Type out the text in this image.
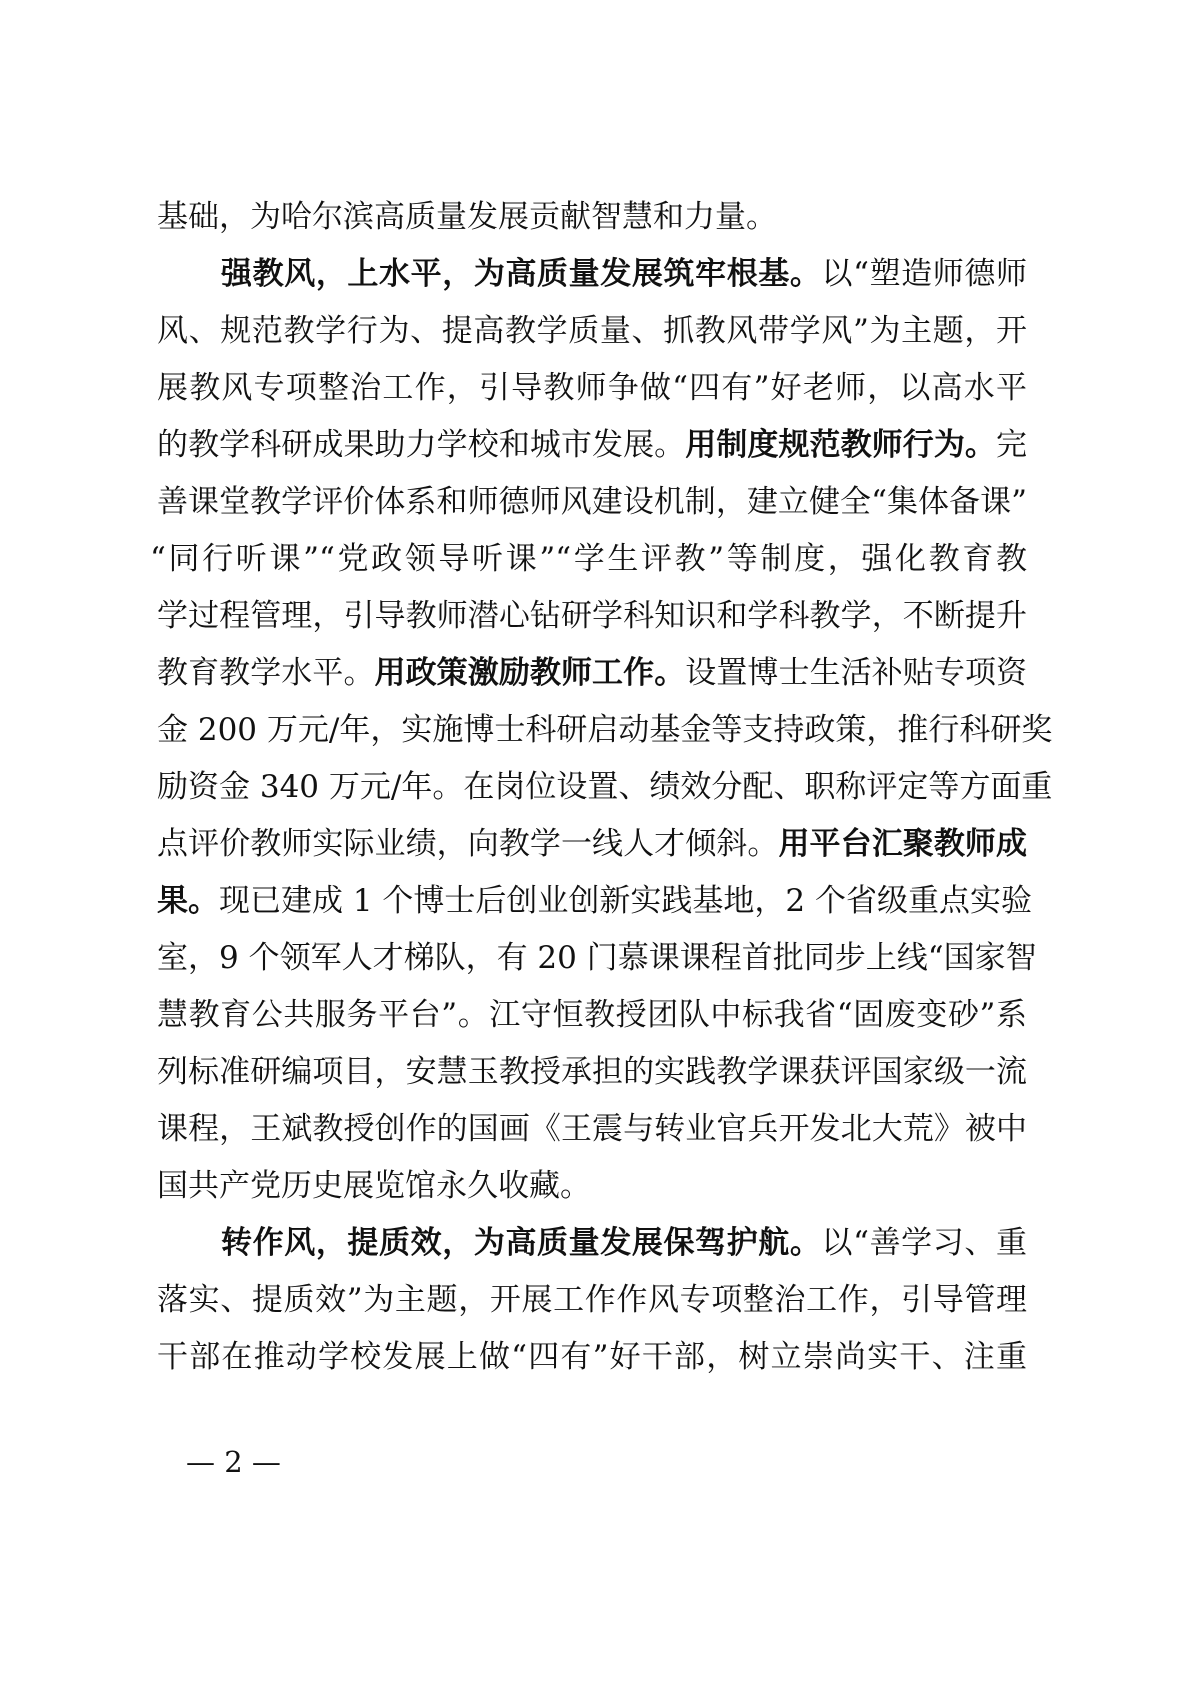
基础，为哈尔滨高质量发展贡献智慧和力量。
强教风，上水平，为高质量发展筑牢根基。以“塑造师德师
风、规范教学行为、提高教学质量、抓教风带学风”为主题，开
展教风专项整治工作，引导教师争做“四有”好老师，以高水平
的教学科研成果助力学校和城市发展。用制度规范教师行为。完
善课堂教学评价体系和师德师风建设机制，建立健全“集体备课”
“同行听课”“党政领导听课”“学生评教”等制度，强化教育教
学过程管理，引导教师潜心钻研学科知识和学科教学，不断提升
教育教学水平。用政策激励教师工作。设置博士生活补贴专项资
金 200 万元/年，实施博士科研启动基金等支持政策，推行科研奖
励资金 340 万元/年。在岗位设置、绩效分配、职称评定等方面重
点评价教师实际业绩，向教学一线人才倾斜。用平台汇聚教师成
果。现已建成 1 个博士后创业创新实践基地，2 个省级重点实验
室，9 个领军人才梯队，有 20 门慕课课程首批同步上线“国家智
慧教育公共服务平台”。江守恒教授团队中标我省“固废变砂”系
列标准研编项目，安慧玉教授承担的实践教学课获评国家级一流
课程，王斌教授创作的国画《王震与转业官兵开发北大荒》被中
国共产党历史展览馆永久收藏。
转作风，提质效，为高质量发展保驾护航。以“善学习、重
落实、提质效”为主题，开展工作作风专项整治工作，引导管理
干部在推动学校发展上做“四有”好干部，树立崇尚实干、注重
— 2 —
